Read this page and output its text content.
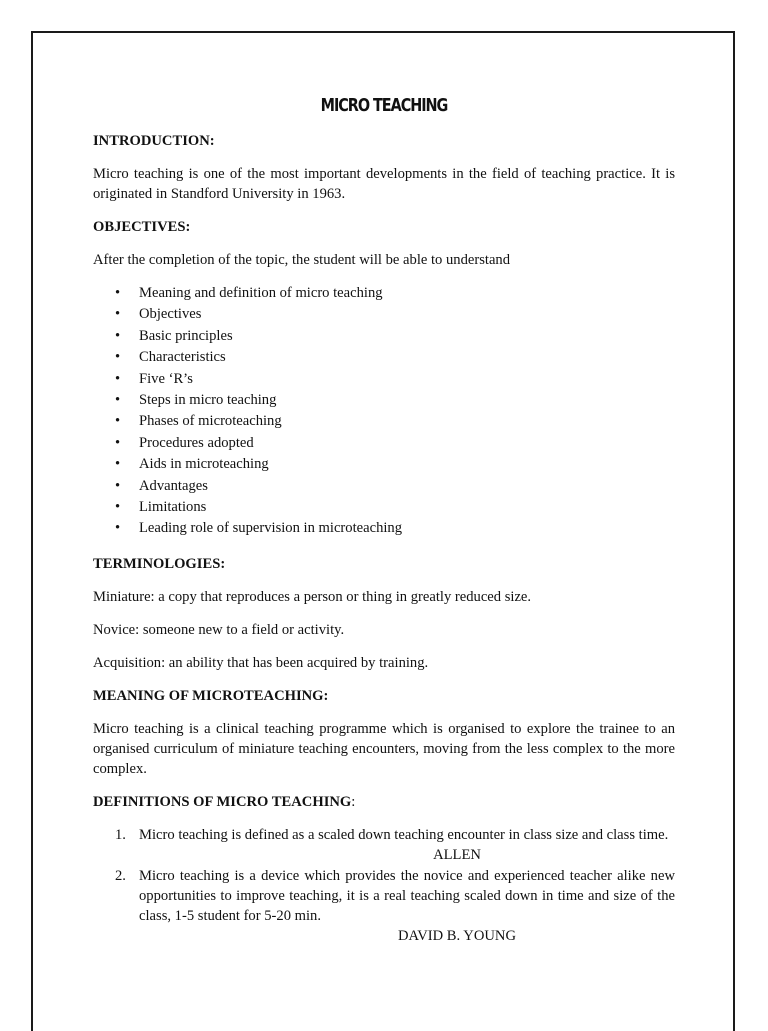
MICRO TEACHING
INTRODUCTION:

Micro teaching is one of the most important developments in the field of teaching practice. It is originated in Standford University in 1963.

OBJECTIVES:

After the completion of the topic, the student will be able to understand

• Meaning and definition of micro teaching
• Objectives
• Basic principles
• Characteristics
• Five ‘R’s
• Steps in micro teaching
• Phases of microteaching
• Procedures adopted
• Aids in microteaching
• Advantages
• Limitations
• Leading role of supervision in microteaching
TERMINOLOGIES:

Miniature: a copy that reproduces a person or thing in greatly reduced size.

Novice: someone new to a field or activity.

Acquisition: an ability that has been acquired by training.

MEANING OF MICROTEACHING:

Micro teaching is a clinical teaching programme which is organised to explore the trainee to an organised curriculum of miniature teaching encounters, moving from the less complex to the more complex.

DEFINITIONS OF MICRO TEACHING:
1. Micro teaching is defined as a scaled down teaching encounter in class size and class time.
ALLEN
2. Micro teaching is a device which provides the novice and experienced teacher alike new opportunities to improve teaching, it is a real teaching scaled down in time and size of the class, 1-5 student for 5-20 min.
DAVID B. YOUNG
